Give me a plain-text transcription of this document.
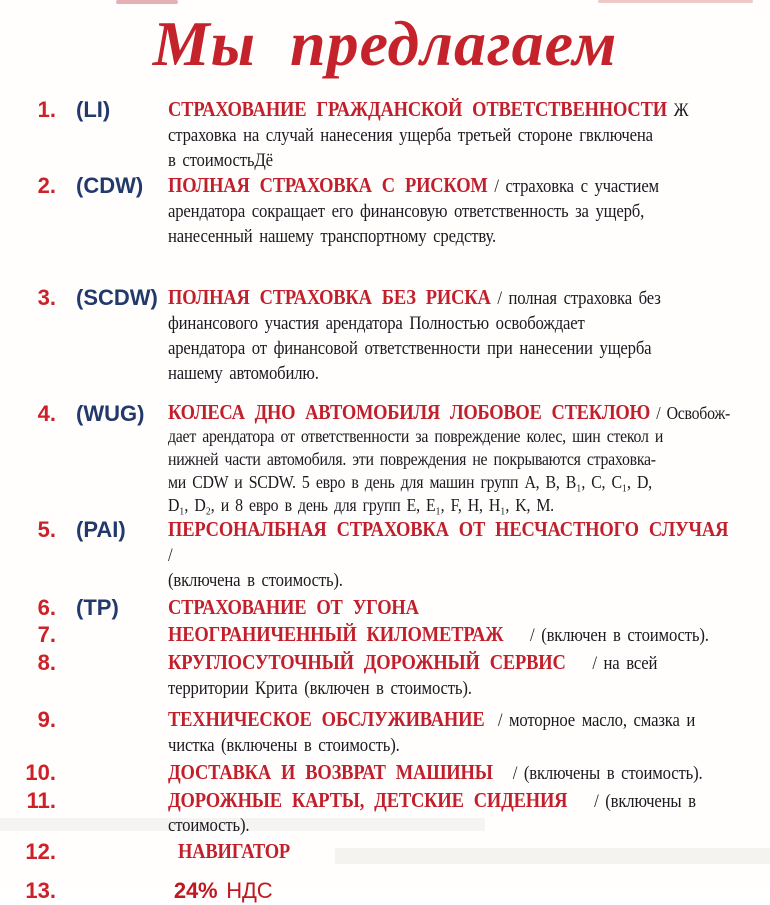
Мы  предлагаем
1. (LI)	СТРАХОВАНИЕ ГРАЖДАНСКОЙ ОТВЕТСТВЕННОСТИ Ж
страховка на случай нанесения ущерба третьей стороне гвключена
в стоимостьДё

2. (CDW)	ПОЛНАЯ СТРАХОВКА С РИСКОМ / страховка с участием
арендатора сокращает его финансовую ответственность за ущерб,
нанесенный нашему транспортному средству.

3. (SCDW) ПОЛНАЯ СТРАХОВКА БЕЗ РИСКА / полная страховка без
финансового участия арендатора Полностью освобождает
арендатора от финансовой ответственности при нанесении ущерба
нашему автомобилю.

4. (WUG)	КОЛЕСА ДНО АВТОМОБИЛЯ ЛОБОВОЕ СТЕКЛОЮ / Освобож-
дает арендатора от ответственности за повреждение колес, шин стекол и
нижней части автомобиля. эти повреждения не покрываются страховка-
ми CDW и SCDW. 5 евро в день для машин групп A, B, B₁, C, C₁, D,
D₁, D₂, и 8 евро в день для групп E, E₁, F, H, H₁, K, M.

5. (PAI)	ПЕРСОНАЛБНАЯ СТРАХОВКА ОТ НЕСЧАСТНОГО СЛУЧАЯ /
(включена в стоимость).

6. (TP)	СТРАХОВАНИЕ ОТ УГОНА

7.	НЕОГРАНИЧЕННЫЙ КИЛОМЕТРАЖ    / (включен в стоимость).

8.	КРУГЛОСУТОЧНЫЙ ДОРОЖНЫЙ СЕРВИС    / на всей
территории Крита (включен в стоимость).

9.	ТЕХНИЧЕСКОЕ ОБСЛУЖИВАНИЕ  / моторное масло, смазка и
чистка (включены в стоимость).

10.	ДОСТАВКА И ВОЗВРАТ МАШИНЫ   / (включены в стоимость).

11.	ДОРОЖНЫЕ КАРТЫ, ДЕТСКИЕ СИДЕНИЯ    / (включены в
стоимость).

12.	НАВИГАТОР

13.	24% НДС
